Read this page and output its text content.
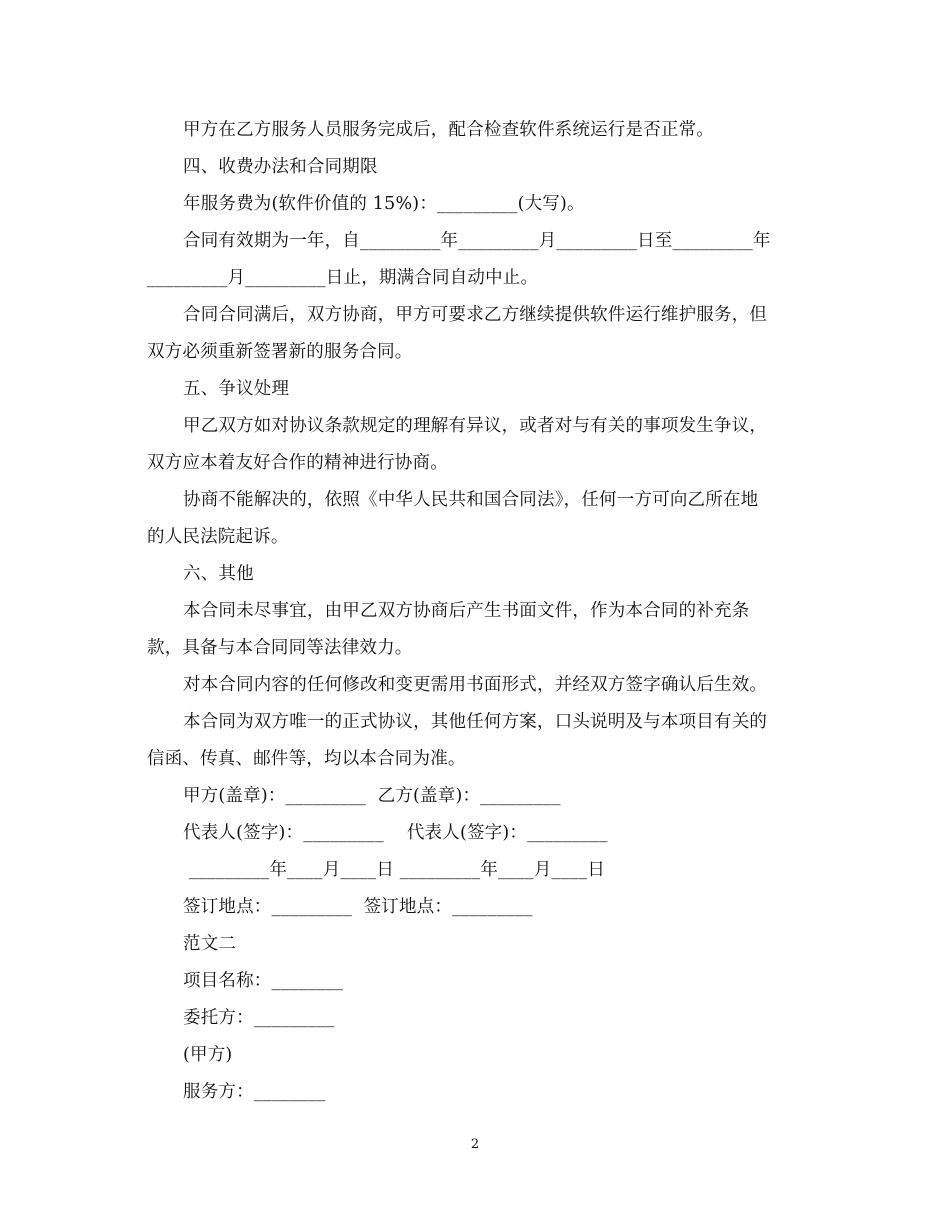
甲方在乙方服务人员服务完成后，配合检查软件系统运行是否正常。
四、收费办法和合同期限
年服务费为(软件价值的 15%)：_________(大写)。
合同有效期为一年，自_________年_________月_________日至_________年
_________月_________日止，期满合同自动中止。
合同合同满后，双方协商，甲方可要求乙方继续提供软件运行维护服务，但
双方必须重新签署新的服务合同。
五、争议处理
甲乙双方如对协议条款规定的理解有异议，或者对与有关的事项发生争议，
双方应本着友好合作的精神进行协商。
协商不能解决的，依照《中华人民共和国合同法》，任何一方可向乙所在地
的人民法院起诉。
六、其他
本合同未尽事宜，由甲乙双方协商后产生书面文件，作为本合同的补充条
款，具备与本合同同等法律效力。
对本合同内容的任何修改和变更需用书面形式，并经双方签字确认后生效。
本合同为双方唯一的正式协议，其他任何方案，口头说明及与本项目有关的
信函、传真、邮件等，均以本合同为准。
甲方(盖章)：_________  乙方(盖章)：_________
代表人(签字)：_________    代表人(签字)：_________
_________年____月____日 _________年____月____日
签订地点：_________  签订地点：_________
范文二
项目名称：________
委托方：_________
(甲方)
服务方：________
2
